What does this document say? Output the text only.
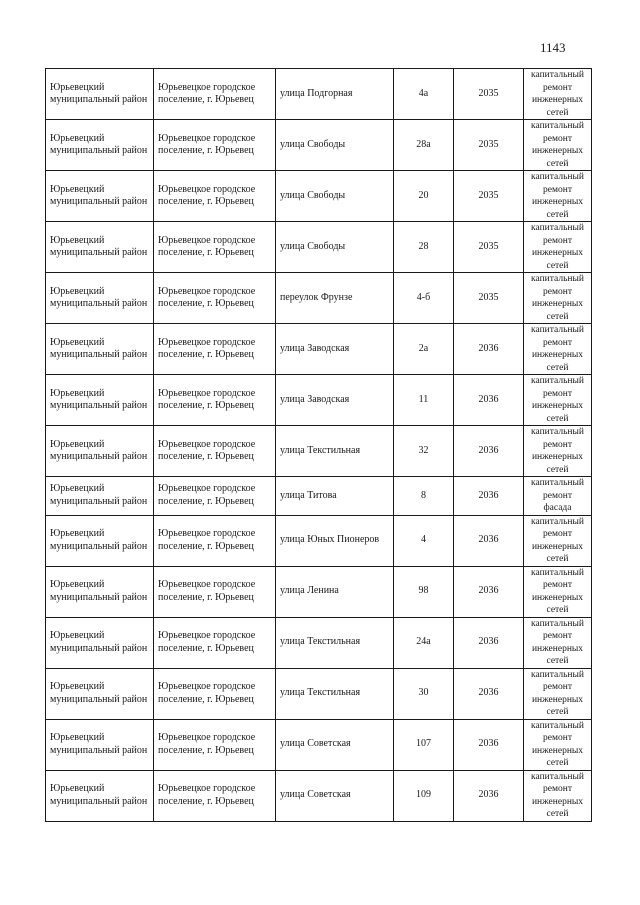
1143
Юрьевецкий муниципальный район	Юрьевецкое городское поселение, г. Юрьевец	улица Подгорная	4а	2035	капитальный ремонт инженерных сетей
Юрьевецкий муниципальный район	Юрьевецкое городское поселение, г. Юрьевец	улица Свободы	28а	2035	капитальный ремонт инженерных сетей
Юрьевецкий муниципальный район	Юрьевецкое городское поселение, г. Юрьевец	улица Свободы	20	2035	капитальный ремонт инженерных сетей
Юрьевецкий муниципальный район	Юрьевецкое городское поселение, г. Юрьевец	улица Свободы	28	2035	капитальный ремонт инженерных сетей
Юрьевецкий муниципальный район	Юрьевецкое городское поселение, г. Юрьевец	переулок Фрунзе	4-б	2035	капитальный ремонт инженерных сетей
Юрьевецкий муниципальный район	Юрьевецкое городское поселение, г. Юрьевец	улица Заводская	2а	2036	капитальный ремонт инженерных сетей
Юрьевецкий муниципальный район	Юрьевецкое городское поселение, г. Юрьевец	улица Заводская	11	2036	капитальный ремонт инженерных сетей
Юрьевецкий муниципальный район	Юрьевецкое городское поселение, г. Юрьевец	улица Текстильная	32	2036	капитальный ремонт инженерных сетей
Юрьевецкий муниципальный район	Юрьевецкое городское поселение, г. Юрьевец	улица Титова	8	2036	капитальный ремонт фасада
Юрьевецкий муниципальный район	Юрьевецкое городское поселение, г. Юрьевец	улица Юных Пионеров	4	2036	капитальный ремонт инженерных сетей
Юрьевецкий муниципальный район	Юрьевецкое городское поселение, г. Юрьевец	улица Ленина	98	2036	капитальный ремонт инженерных сетей
Юрьевецкий муниципальный район	Юрьевецкое городское поселение, г. Юрьевец	улица Текстильная	24а	2036	капитальный ремонт инженерных сетей
Юрьевецкий муниципальный район	Юрьевецкое городское поселение, г. Юрьевец	улица Текстильная	30	2036	капитальный ремонт инженерных сетей
Юрьевецкий муниципальный район	Юрьевецкое городское поселение, г. Юрьевец	улица Советская	107	2036	капитальный ремонт инженерных сетей
Юрьевецкий муниципальный район	Юрьевецкое городское поселение, г. Юрьевец	улица Советская	109	2036	капитальный ремонт инженерных сетей
